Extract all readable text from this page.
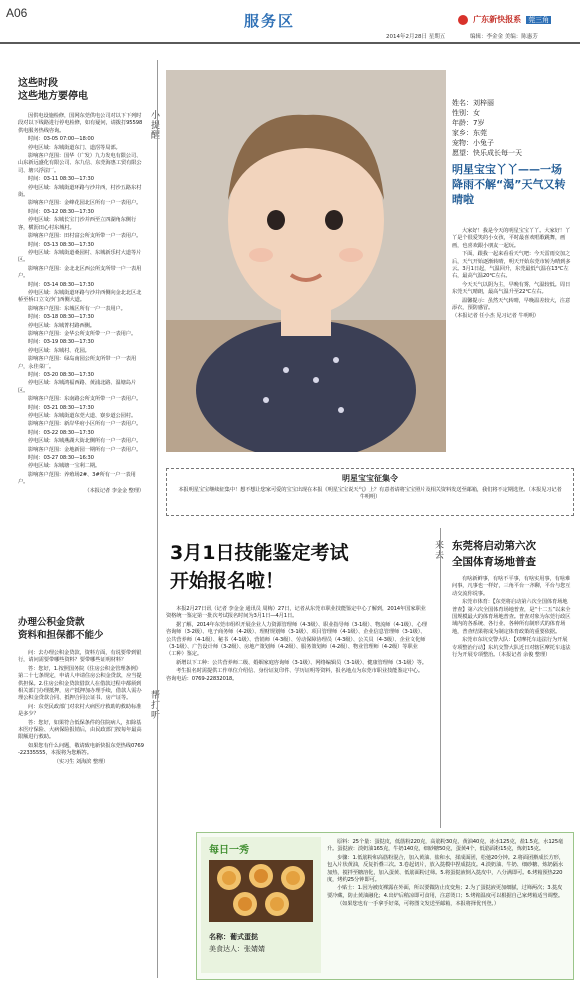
A06	服务区	广东新快报系 莞三角
2014年2月28日 星期五	编辑：李金金 美编：陈惠芳
这些时段
这些地方要停电

因供电设施检修，国网东莞供电公司对以下下列时段对以下线路进行停电检修，如有疑问，请拨打95598供电服务热线咨询。

时间：03-05 07:00—18:00

停电区域：东城街道东门、道滘等局部。

影响客户范围：国华（广发）九力发电有限公司、山东新远盛化有限公司、东九信、东莞海惠工贸有限公司、塘兴浮法厂。

时间：03-11 08:30—17:30

停电区域：东城街道环路与沙并西，村沙五路东村街。

影响客户范围：金峰花园北区所有一户一表用户。

时间：03-12 08:30—17:30

停电区域：东城长宝门沙并西至立四湖角东侧行客，横沥田心村东城村。

影响客户范围：田村富公所支所带一户一表用户。

时间：03-13 08:30—17:30

停电区域：东城街道桑园村、东城新乐村大道等片区。

影响客户范围：金北北区西公所支所带一户一表用户。

时间：03-14 08:30—17:30

停电区域：东城街道环路与沙并西侧向金北北区北桥至桥口立文沙门西侧大道。

影响客户范围：东城区所有一户一表用户。

时间：03-18 08:30—17:30

停电区域：东城菁村路西侧。

影响客户范围：金华公所支所带一户一表用户。

时间：03-19 08:30—17:30

停电区域：东城村、花园。

影响客户范围：绿岛南园公所支所带一户一表用户，永佳菜厂。

时间：03-20 08:30—17:30

停电区域：东城鸿福西路、黄浦北路、温塘岛片区。

影响客户范围：东南路公所支所带一户一表用户。

时间：03-21 08:30—17:30

停电区域：东城街道东莞大道、寮步道公园村。

影响客户范围：新岸华府小区所有一户一表用户。

时间：03-22 08:30—17:30

停电区域：东城燕湖大街北侧所有一户一表用户。

影响客户范围：金地新园一期所有一户一表用户。

时间：03-27 08:30—16:30

停电区域：东城塘一宝利二期。

影响客户范围：养殖场2#、3#所有一户一表用户。

（本报记者 李金金 整理）

办理公积金贷款
资料和担保都不能少

问：去办理公积金贷款，资料方面，有说要带到银行，请问需要带哪些资料？要带哪些证明材料？

答：您好，1.按照国务院《住房公积金管理条例》第二十七条规定，申请人申请住房公积金贷款，应当提供担保。2.住房公积金贷款借款人在借款过程中都须到相关部门办理抵押，房产抵押加办理手续，借款人需办理公积金贷款合同、抵押合同公证书、房产证等。

问：东莞民政部门对农村大病医疗救助的救助标准是多少？

答：您好，如果符合低保条件的住院病人，扣除基本医疗保险、大病保险报销后，由民政部门按每年最高限额进行救助。

如果您有什么问题，敬请致电新快报东莞热线0769-22335555，本报将为您解答。

（实习生 刘海滨 整理）

小提醒
帮打听
来去
姓名：刘梓丽
性别：女
年龄：7岁
家乡：东莞
宠物：小兔子
愿望：快乐成长每一天
明星宝宝丫丫——一场降雨不解“渴”天气又转晴啦

大家好！我是今天的明星宝宝丫丫。大家好！丫丫是个很爱笑的小女孩，平时最喜欢唱歌跳舞，画画，也喜欢跟小朋友一起玩。

下面，跟我一起来看看天气吧：今天雷雨交加之后，天气开始逐渐转晴，明天开始东莞市转为晴到多云。3月1日起，气温回升，东莞最低气温在13℃左右，最高气温20℃左右。

今天天气以阴为主，早晚有雾，气温较低。周日东莞天气晴朗，最高气温升至22℃左右。

温馨提示：虽然天气转晴，早晚温差较大，注意添衣，预防感冒。

（本报记者 任小杰 见习记者 牛明明）

明星宝宝征集令
本报明星宝宝继续征集中！想不想让您家可爱的宝宝出现在本报《明星宝宝说天气》上？有意者请将宝宝照片及相关资料发送至邮箱，我们将不定期选登。（本报见习记者 牛明明）
3月1日技能鉴定考试
开始报名啦！

本报2月27日讯（记者 李金金 通讯员 周梅）27日，记者从东莞市职业技能鉴定中心了解到，2014年国家职业资格统一鉴定第一批次考试报名时间为3月1日—4月1日。

据了解，2014年东莞市组织开展企业人力资源管理师（4-3级）、职业指导师（3-1级）、物流师（4-1级）、心理咨询师（3-2级）、电子商务师（4-2级）、理财规划师（3-1级）、项目管理师（4-1级）、企业信息管理师（3-1级）、公共营养师（4-1级）、秘书（4-1级）、营销师（4-3级）、劳动保障协理员（4-3级）、公关员（4-3级）、企业文化师（3-1级）、广告设计师（3-2级）、房地产策划师（4-2级）、服务策划师（4-2级）、物业管理师（4-2级）等职业（工种）鉴定。

新增以下工种：公共营养师二级、婚姻家庭咨询师（3-1级）、网络编辑员（3-1级）、健康管理师（3-1级）等。

考生报名时需提供工作单位介绍信、身份证复印件、学历证明等资料，报名地点为东莞市职业技能鉴定中心。咨询电话：0769-22832018。

东莞将启动第六次
全国体育场地普查

有啥新鲜事，有啥不平事，有啥实用事，有啥难问事，凡事也一样好，三角平台一齐聊，平台与您互动交流你说事。

东莞市体育：【东莞将启动第六次全国体育场地普查】第六次全国体育场地普查，是“十二五”以来全国规模最大的体育场地普查。普查对象为东莞行政区域内的各系统、各行业、各种所有制形式的体育场地，普查结果将成为制定体育政策的重要依据。

东莞市东坑交警大队：【对摩托车违法行为开展专项整治行动】东坑交警大队近日对辖区摩托车违法行为开展专项整治。（本报记者 余俊 整理）

每日一秀
名称：葡式蛋挞
美食达人：张婧婧

原料：25个量：蛋挞皮，低筋粉220克，高筋粉30克，黄油40克，冰水125克，盐1.5克，水125毫升。蛋挞液：淡奶油165克，牛奶140克，细砂糖50克，蛋黄4个，低筋面粉15克，炼奶15克。

步骤：1.低筋粉和高筋粉混合，加入黄油、盐和水，揉成面团，松弛20分钟。2.将面团擀成长方形，包入片状黄油，反复折叠三次。3.卷起切片，放入挞模中捏成挞皮。4.淡奶油、牛奶、细砂糖、炼奶隔水加热，搅拌至糖溶化，加入蛋黄、低筋面粉过筛。5.将蛋挞液倒入挞皮中，八分满即可。6.烤箱预热220度，烤约25分钟即可。

小贴士：1.因为被皮裸露在外面，所以要做防止皮变焦；2.为了蛋挞液更加细腻，过筛两次；3.挞皮要冷藏，防止黄油融化；4.出炉后稍凉即可食用，注意烫口；5.烤箱温度可以根据自己家烤箱适当调整。

（如果您也有一手拿手好菜，可将图文发送至邮箱，本报将择优刊登。）
